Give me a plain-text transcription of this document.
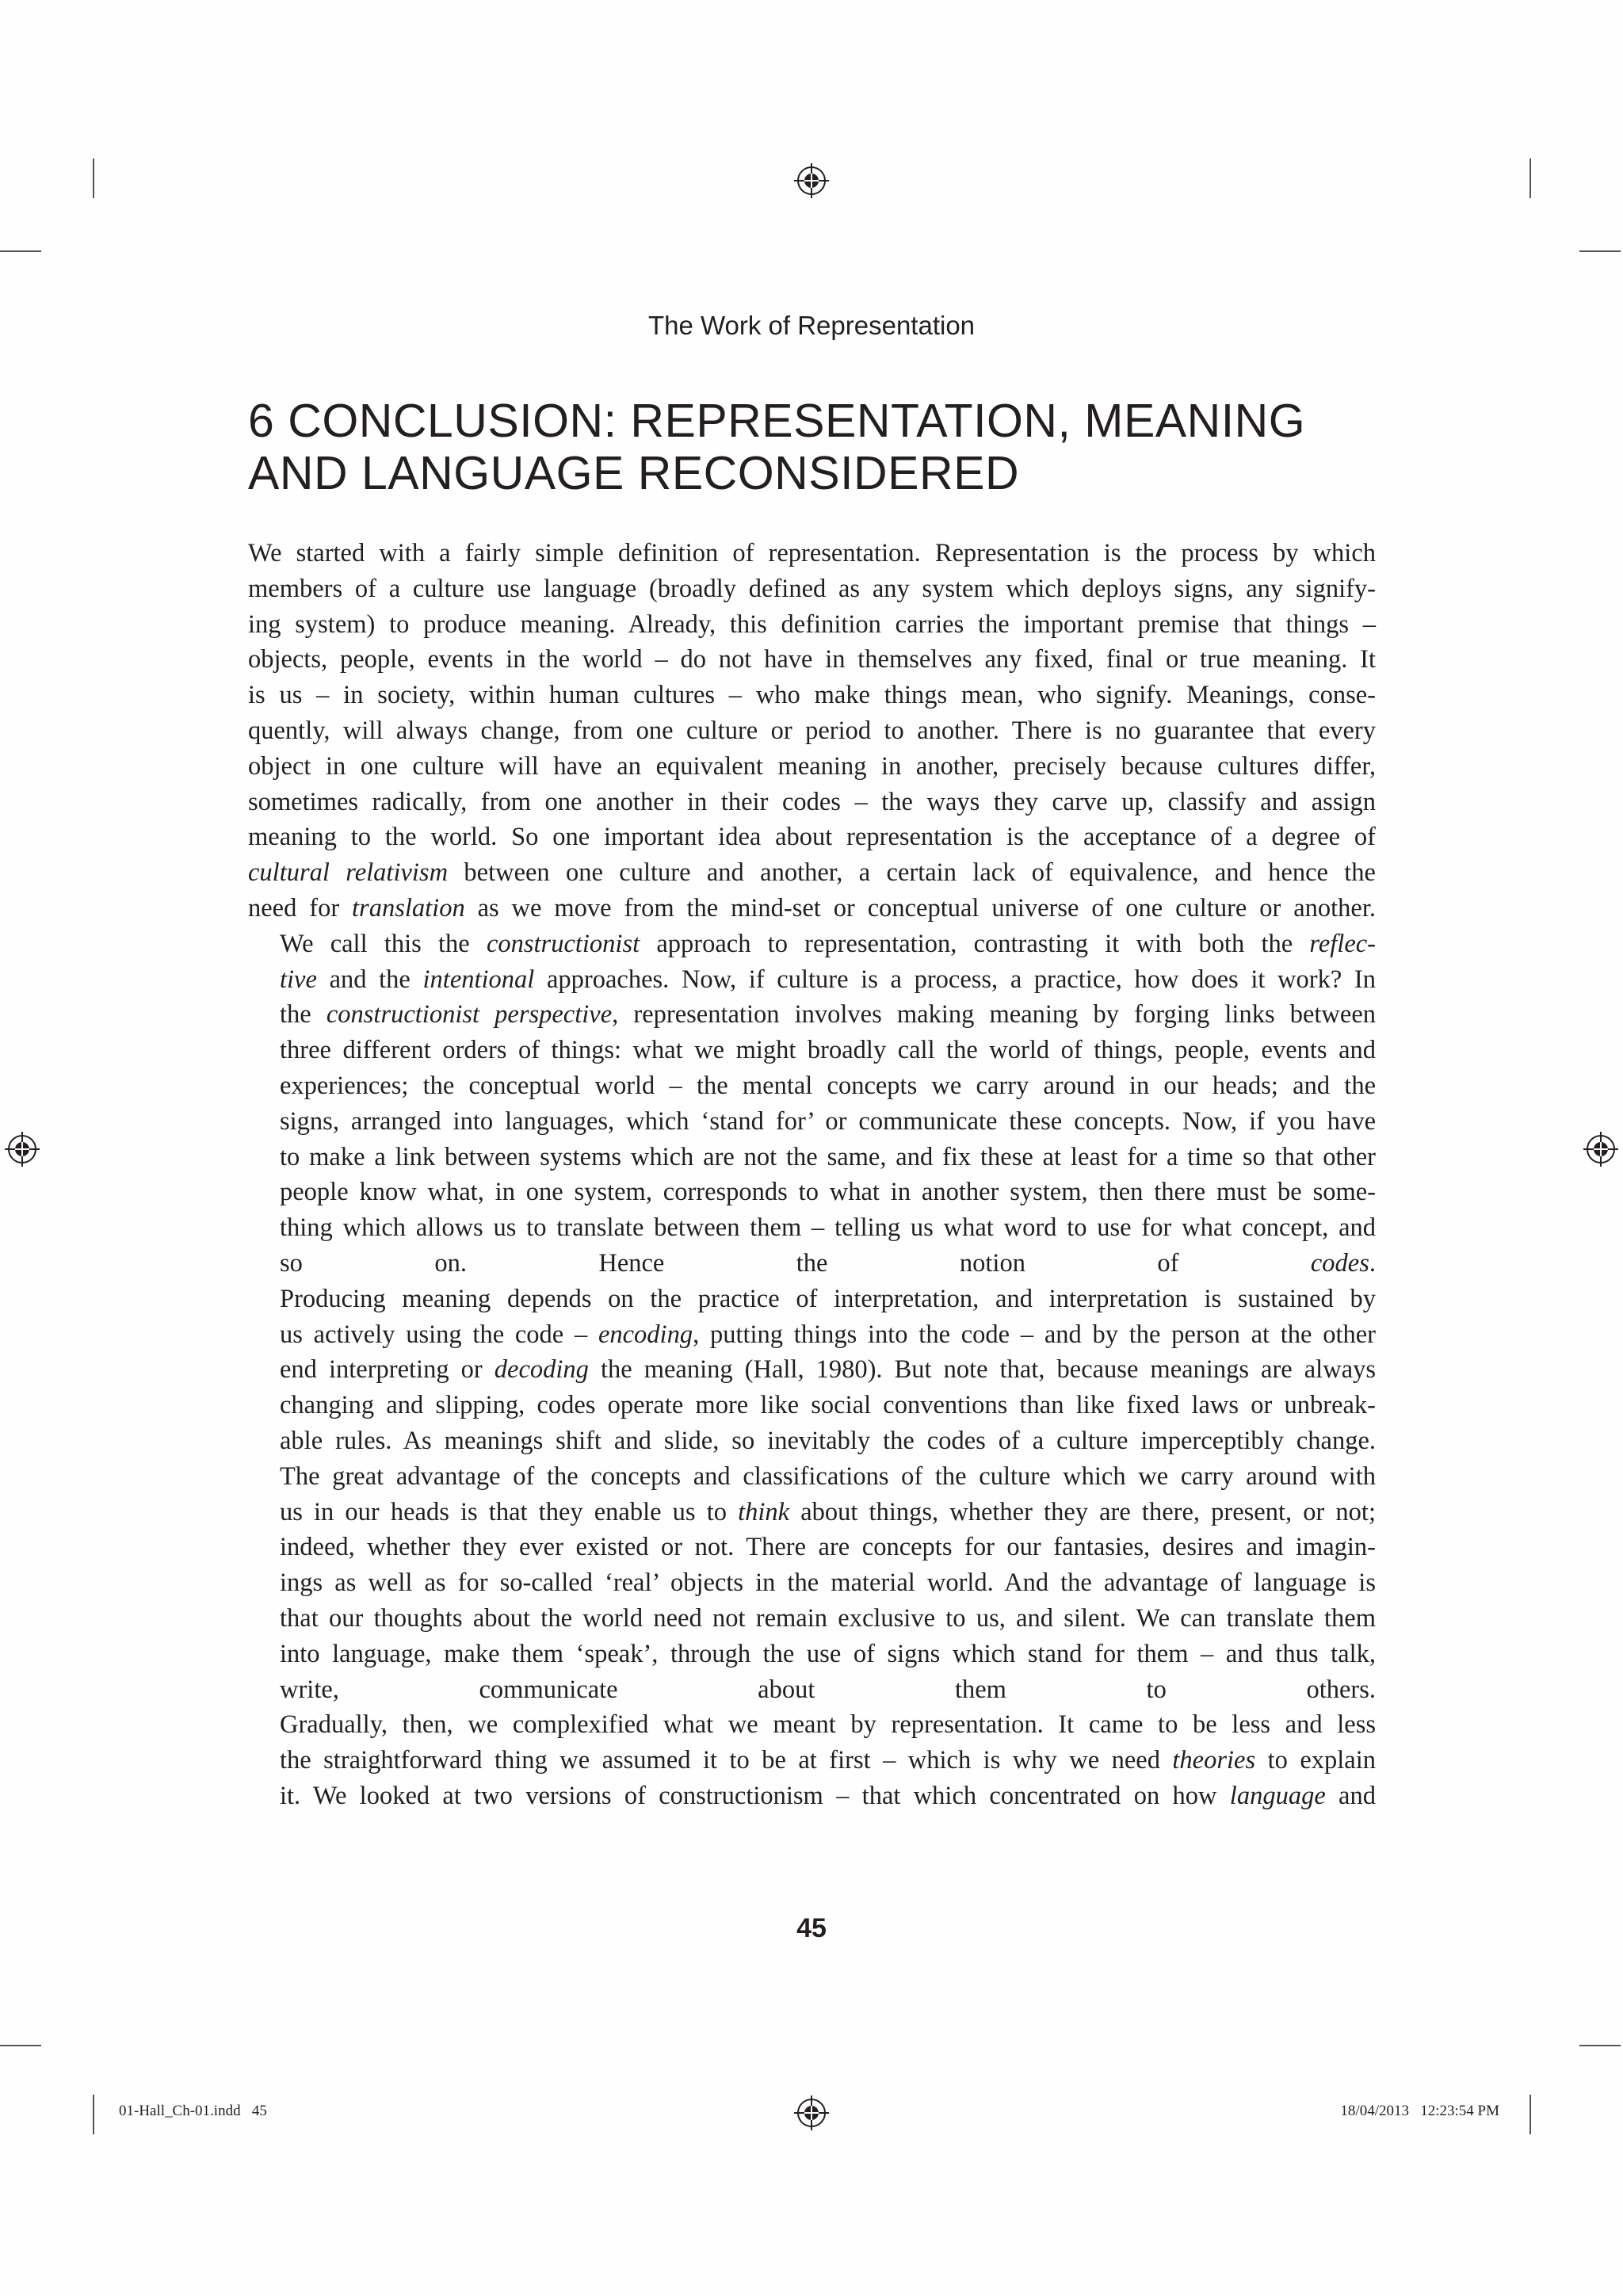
The Work of Representation
6 CONCLUSION: REPRESENTATION, MEANING AND LANGUAGE RECONSIDERED

We started with a fairly simple definition of representation. Representation is the process by which
members of a culture use language (broadly defined as any system which deploys signs, any signify-
ing system) to produce meaning. Already, this definition carries the important premise that things –
objects, people, events in the world – do not have in themselves any fixed, final or true meaning. It
is us – in society, within human cultures – who make things mean, who signify. Meanings, conse-
quently, will always change, from one culture or period to another. There is no guarantee that every
object in one culture will have an equivalent meaning in another, precisely because cultures differ,
sometimes radically, from one another in their codes – the ways they carve up, classify and assign
meaning to the world. So one important idea about representation is the acceptance of a degree of
cultural relativism between one culture and another, a certain lack of equivalence, and hence the
need for translation as we move from the mind-set or conceptual universe of one culture or another.

We call this the constructionist approach to representation, contrasting it with both the reflec-
tive and the intentional approaches. Now, if culture is a process, a practice, how does it work? In
the constructionist perspective, representation involves making meaning by forging links between
three different orders of things: what we might broadly call the world of things, people, events and
experiences; the conceptual world – the mental concepts we carry around in our heads; and the
signs, arranged into languages, which ‘stand for’ or communicate these concepts. Now, if you have
to make a link between systems which are not the same, and fix these at least for a time so that other
people know what, in one system, corresponds to what in another system, then there must be some-
thing which allows us to translate between them – telling us what word to use for what concept, and
so on. Hence the notion of codes.

Producing meaning depends on the practice of interpretation, and interpretation is sustained by
us actively using the code – encoding, putting things into the code – and by the person at the other
end interpreting or decoding the meaning (Hall, 1980). But note that, because meanings are always
changing and slipping, codes operate more like social conventions than like fixed laws or unbreak-
able rules. As meanings shift and slide, so inevitably the codes of a culture imperceptibly change.
The great advantage of the concepts and classifications of the culture which we carry around with
us in our heads is that they enable us to think about things, whether they are there, present, or not;
indeed, whether they ever existed or not. There are concepts for our fantasies, desires and imagin-
ings as well as for so-called ‘real’ objects in the material world. And the advantage of language is
that our thoughts about the world need not remain exclusive to us, and silent. We can translate them
into language, make them ‘speak’, through the use of signs which stand for them – and thus talk,
write, communicate about them to others.

Gradually, then, we complexified what we meant by representation. It came to be less and less
the straightforward thing we assumed it to be at first – which is why we need theories to explain
it. We looked at two versions of constructionism – that which concentrated on how language and

45
01-Hall_Ch-01.indd   45	18/04/2013   12:23:54 PM
